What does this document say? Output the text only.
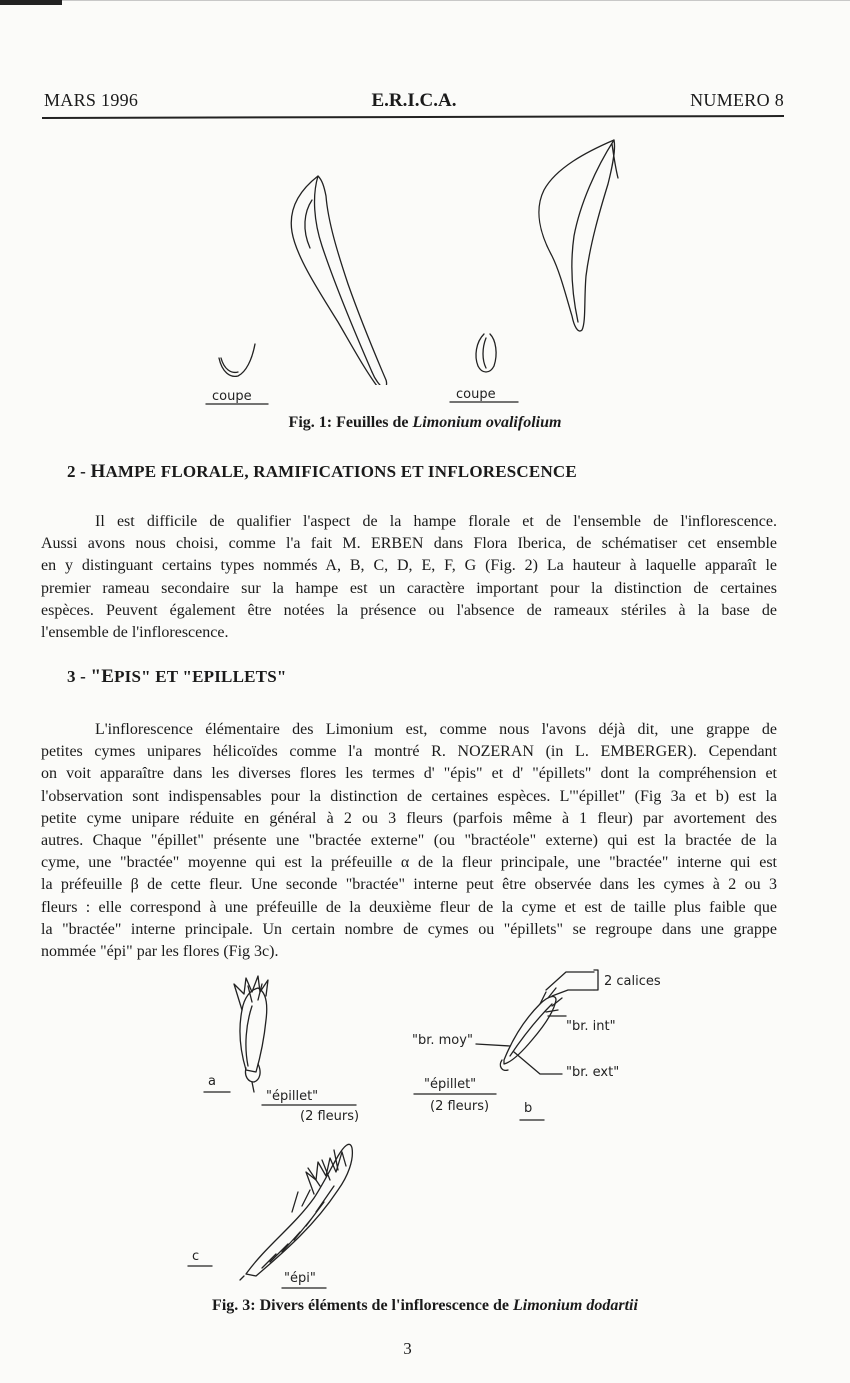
MARS 1996	E.R.I.C.A.	NUMERO 8
coupe	coupe
Fig. 1: Feuilles de Limonium ovalifolium
2 - HAMPE FLORALE, RAMIFICATIONS ET INFLORESCENCE
Il est difficile de qualifier l'aspect de la hampe florale et de l'ensemble de l'inflorescence.
Aussi avons nous choisi, comme l'a fait M. ERBEN dans Flora Iberica, de schématiser cet ensemble
en y distinguant certains types nommés A, B, C, D, E, F, G (Fig. 2) La hauteur à laquelle apparaît le
premier rameau secondaire sur la hampe est un caractère important pour la distinction de certaines
espèces. Peuvent également être notées la présence ou l'absence de rameaux stériles à la base de
l'ensemble de l'inflorescence.
3 - "EPIS" ET "EPILLETS"
L'inflorescence élémentaire des Limonium est, comme nous l'avons déjà dit, une grappe de
petites cymes unipares hélicoïdes comme l'a montré R. NOZERAN (in L. EMBERGER). Cependant
on voit apparaître dans les diverses flores les termes d' "épis" et d' "épillets" dont la compréhension et
l'observation sont indispensables pour la distinction de certaines espèces. L'"épillet" (Fig 3a et b) est la
petite cyme unipare réduite en général à 2 ou 3 fleurs (parfois même à 1 fleur) par avortement des
autres. Chaque "épillet" présente une "bractée externe" (ou "bractéole" externe) qui est la bractée de la
cyme, une "bractée" moyenne qui est la préfeuille α de la fleur principale, une "bractée" interne qui est
la préfeuille β de cette fleur. Une seconde "bractée" interne peut être observée dans les cymes à 2 ou 3
fleurs : elle correspond à une préfeuille de la deuxième fleur de la cyme et est de taille plus faible que
la "bractée" interne principale. Un certain nombre de cymes ou "épillets" se regroupe dans une grappe
nommée "épi" par les flores (Fig 3c).
a
"épillet"
(2 fleurs)
2 calices
"br. int"
"br. moy"
"br. ext"
"épillet"
(2 fleurs)	b
c
"épi"
Fig. 3: Divers éléments de l'inflorescence de Limonium dodartii
3
